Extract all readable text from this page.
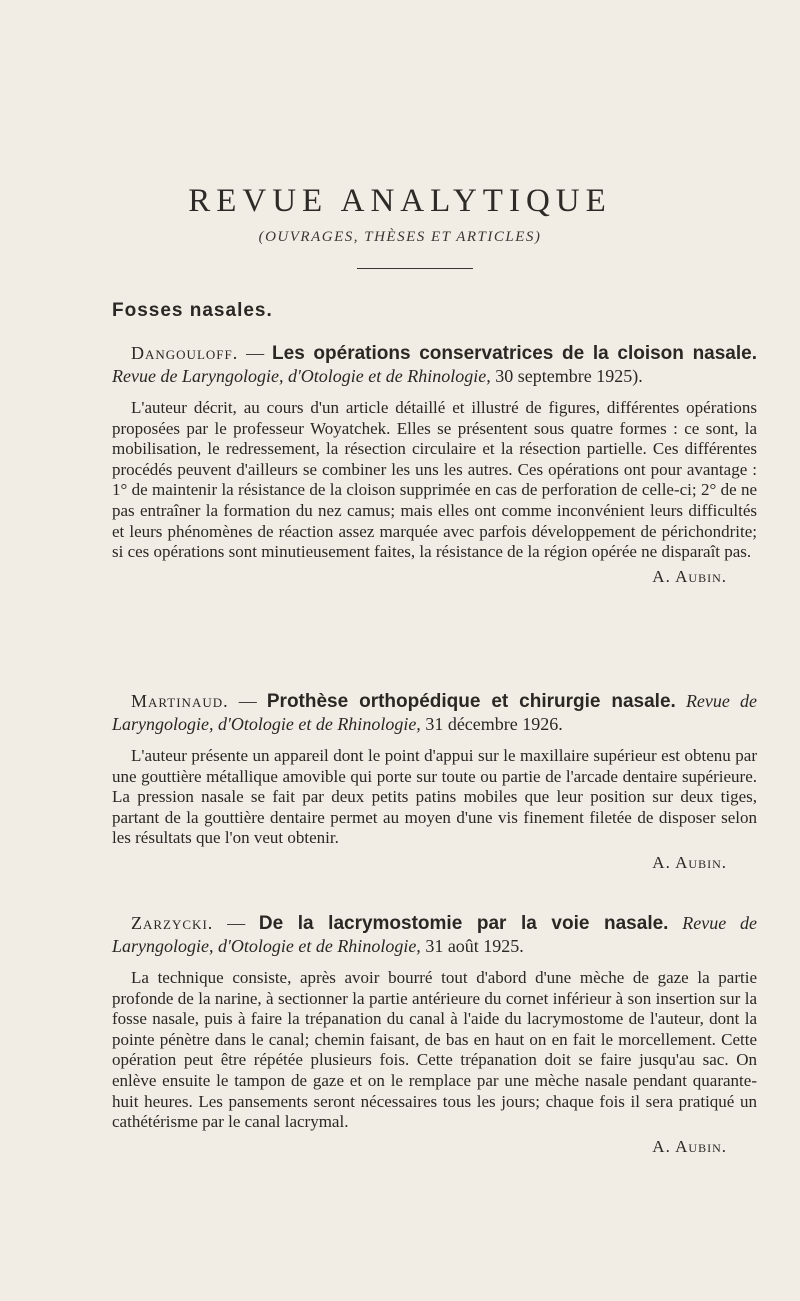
REVUE ANALYTIQUE
(OUVRAGES, THÈSES ET ARTICLES)
Fosses nasales.

Dangouloff. — Les opérations conservatrices de la cloison nasale. Revue de Laryngologie, d'Otologie et de Rhinologie, 30 septembre 1925).

L'auteur décrit, au cours d'un article détaillé et illustré de figures, différentes opérations proposées par le professeur Woyatchek. Elles se présentent sous quatre formes : ce sont, la mobilisation, le redressement, la résection circulaire et la résection partielle. Ces différentes procédés peuvent d'ailleurs se combiner les uns les autres. Ces opérations ont pour avantage : 1° de maintenir la résistance de la cloison supprimée en cas de perforation de celle-ci; 2° de ne pas entraîner la formation du nez camus; mais elles ont comme inconvénient leurs difficultés et leurs phénomènes de réaction assez marquée avec parfois développement de périchondrite; si ces opérations sont minutieusement faites, la résistance de la région opérée ne disparaît pas.

A. Aubin.

Martinaud. — Prothèse orthopédique et chirurgie nasale. Revue de Laryngologie, d'Otologie et de Rhinologie, 31 décembre 1926.

L'auteur présente un appareil dont le point d'appui sur le maxillaire supérieur est obtenu par une gouttière métallique amovible qui porte sur toute ou partie de l'arcade dentaire supérieure. La pression nasale se fait par deux petits patins mobiles que leur position sur deux tiges, partant de la gouttière dentaire permet au moyen d'une vis finement filetée de disposer selon les résultats que l'on veut obtenir.

A. Aubin.

Zarzycki. — De la lacrymostomie par la voie nasale. Revue de Laryngologie, d'Otologie et de Rhinologie, 31 août 1925.

La technique consiste, après avoir bourré tout d'abord d'une mèche de gaze la partie profonde de la narine, à sectionner la partie antérieure du cornet inférieur à son insertion sur la fosse nasale, puis à faire la trépanation du canal à l'aide du lacrymostome de l'auteur, dont la pointe pénètre dans le canal; chemin faisant, de bas en haut on en fait le morcellement. Cette opération peut être répétée plusieurs fois. Cette trépanation doit se faire jusqu'au sac. On enlève ensuite le tampon de gaze et on le remplace par une mèche nasale pendant quarante-huit heures. Les pansements seront nécessaires tous les jours; chaque fois il sera pratiqué un cathétérisme par le canal lacrymal.

A. Aubin.
